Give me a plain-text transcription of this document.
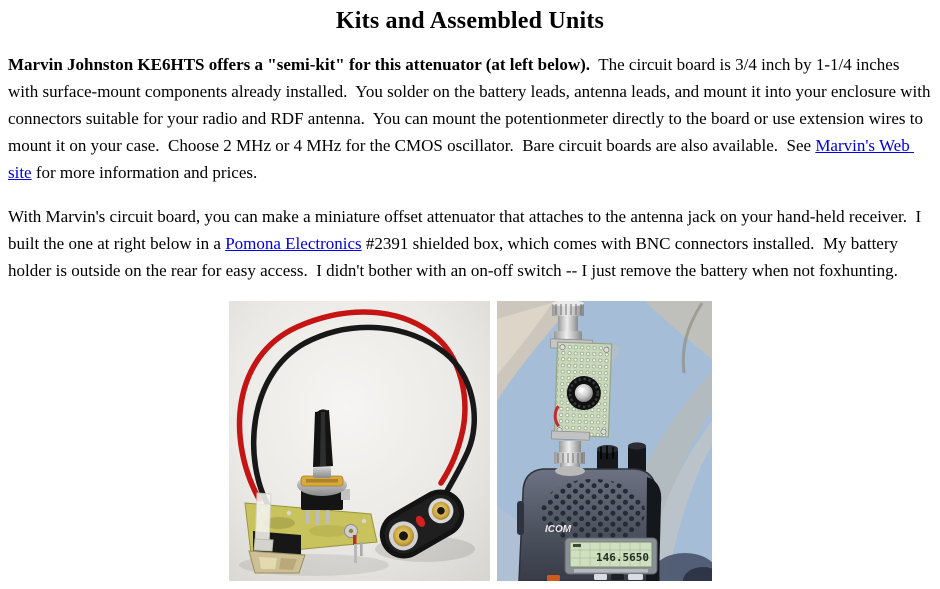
Kits and Assembled Units

Marvin Johnston KE6HTS offers a "semi-kit" for this attenuator (at left below).  The circuit board is 3/4 inch by 1-1/4 inches with surface-mount components already installed.  You solder on the battery leads, antenna leads, and mount it into your enclosure with connectors suitable for your radio and RDF antenna.  You can mount the potentionmeter directly to the board or use extension wires to mount it on your case.  Choose 2 MHz or 4 MHz for the CMOS oscillator.  Bare circuit boards are also available.  See Marvin's Web site for more information and prices.

With Marvin's circuit board, you can make a miniature offset attenuator that attaches to the antenna jack on your hand-held receiver.  I built the one at right below in a Pomona Electronics #2391 shielded box, which comes with BNC connectors installed.  My battery holder is outside on the rear for easy access.  I didn't bother with an on-off switch -- I just remove the battery when not foxhunting.

ICOM
146.5650
